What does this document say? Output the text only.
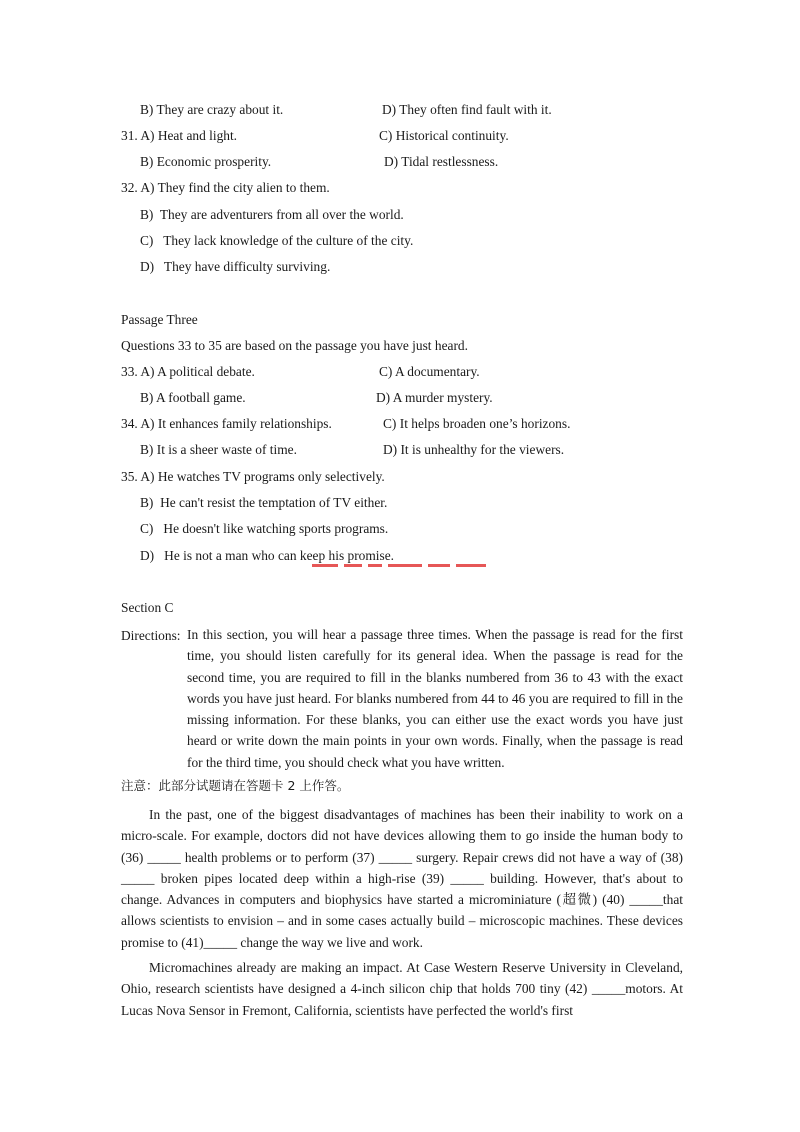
B) They are crazy about it.	D) They often find fault with it.
31. A) Heat and light.	C) Historical continuity.
B) Economic prosperity.	D) Tidal restlessness.
32. A) They find the city alien to them.
B)  They are adventurers from all over the world.
C)   They lack knowledge of the culture of the city.
D)   They have difficulty surviving.
Passage Three
Questions 33 to 35 are based on the passage you have just heard.
33. A) A political debate.	C) A documentary.
B) A football game.	D) A murder mystery.
34. A) It enhances family relationships.	C) It helps broaden one’s horizons.
B) It is a sheer waste of time.	D) It is unhealthy for the viewers.
35. A) He watches TV programs only selectively.
B)  He can't resist the temptation of TV either.
C)   He doesn't like watching sports programs.
D)   He is not a man who can keep his promise.
Section C
Directions: In this section, you will hear a passage three times. When the passage is read for the first time, you should listen carefully for its general idea. When the passage is read for the second time, you are required to fill in the blanks numbered from 36 to 43 with the exact words you have just heard. For blanks numbered from 44 to 46 you are required to fill in the missing information. For these blanks, you can either use the exact words you have just heard or write down the main points in your own words. Finally, when the passage is read for the third time, you should check what you have written.
注意：此部分试题请在答题卡 2 上作答。
In the past, one of the biggest disadvantages of machines has been their inability to work on a micro-scale. For example, doctors did not have devices allowing them to go inside the human body to (36) _____ health problems or to perform (37) _____ surgery. Repair crews did not have a way of (38) _____ broken pipes located deep within a high-rise (39) _____ building. However, that's about to change. Advances in computers and biophysics have started a microminiature (超微) (40) _____that allows scientists to envision – and in some cases actually build – microscopic machines. These devices promise to (41)_____ change the way we live and work.
Micromachines already are making an impact. At Case Western Reserve University in Cleveland, Ohio, research scientists have designed a 4-inch silicon chip that holds 700 tiny (42) _____motors. At Lucas Nova Sensor in Fremont, California, scientists have perfected the world's first
